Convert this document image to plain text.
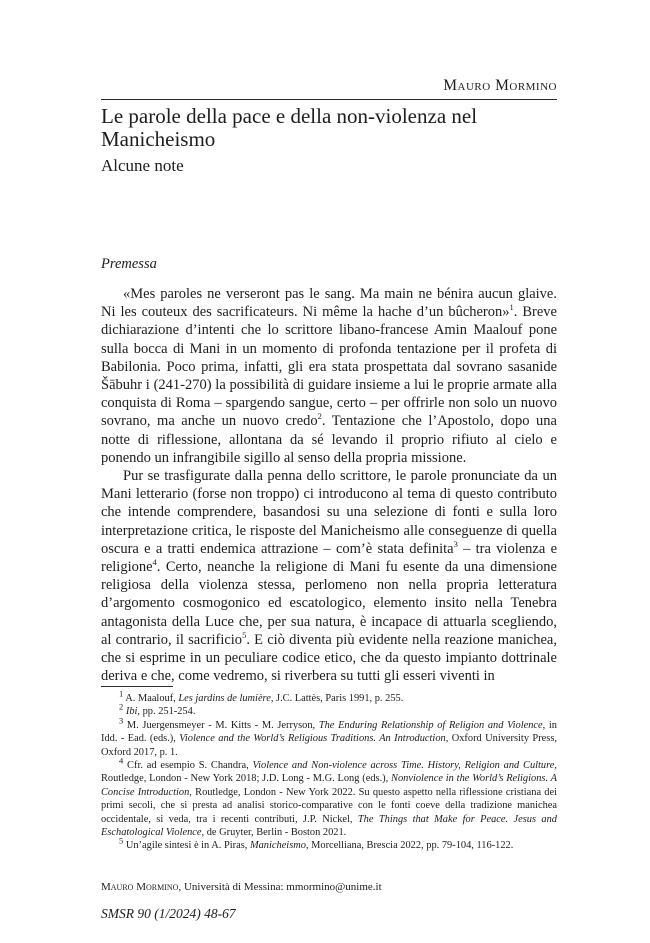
Mauro Mormino
Le parole della pace e della non-violenza nel Manicheismo
Alcune note
Premessa

«Mes paroles ne verseront pas le sang. Ma main ne bénira aucun glaive. Ni les couteux des sacrificateurs. Ni même la hache d’un bûcheron»$^1$. Breve dichiarazione d’intenti che lo scrittore libano-francese Amin Maalouf pone sulla bocca di Mani in un momento di profonda tentazione per il profeta di Babilonia. Poco prima, infatti, gli era stata prospettata dal sovrano sasanide Šābuhr i (241-270) la possibilità di guidare insieme a lui le proprie armate alla conquista di Roma – spargendo sangue, certo – per offrirle non solo un nuovo sovrano, ma anche un nuovo credo$^2$. Tentazione che l’Apostolo, dopo una notte di riflessione, allontana da sé levando il proprio rifiuto al cielo e ponendo un infrangibile sigillo al senso della propria missione.

Pur se trasfigurate dalla penna dello scrittore, le parole pronunciate da un Mani letterario (forse non troppo) ci introducono al tema di questo contributo che intende comprendere, basandosi su una selezione di fonti e sulla loro interpretazione critica, le risposte del Manicheismo alle conseguenze di quella oscura e a tratti endemica attrazione – com’è stata definita$^3$ – tra violenza e religione$^4$. Certo, neanche la religione di Mani fu esente da una dimensione religiosa della violenza stessa, perlomeno non nella propria letteratura d’argomento cosmogonico ed escatologico, elemento insito nella Tenebra antagonista della Luce che, per sua natura, è incapace di attuarla scegliendo, al contrario, il sacrificio$^5$. E ciò diventa più evidente nella reazione manichea, che si esprime in un peculiare codice etico, che da questo impianto dottrinale deriva e che, come vedremo, si riverbera su tutti gli esseri viventi in

$^1$ A. Maalouf, Les jardins de lumière, J.C. Lattès, Paris 1991, p. 255.

$^2$ Ibi, pp. 251-254.

$^3$ M. Juergensmeyer - M. Kitts - M. Jerryson, The Enduring Relationship of Religion and Violence, in Idd. - Ead. (eds.), Violence and the World’s Religious Traditions. An Introduction, Oxford University Press, Oxford 2017, p. 1.

$^4$ Cfr. ad esempio S. Chandra, Violence and Non-violence across Time. History, Religion and Culture, Routledge, London - New York 2018; J.D. Long - M.G. Long (eds.), Nonviolence in the World’s Religions. A Concise Introduction, Routledge, London - New York 2022. Su questo aspetto nella riflessione cristiana dei primi secoli, che si presta ad analisi storico-comparative con le fonti coeve della tradizione manichea occidentale, si veda, tra i recenti contributi, J.P. Nickel, The Things that Make for Peace. Jesus and Eschatological Violence, de Gruyter, Berlin - Boston 2021.

$^5$ Un’agile sintesi è in A. Piras, Manicheismo, Morcelliana, Brescia 2022, pp. 79-104, 116-122.

Mauro Mormino, Università di Messina: mmormino@unime.it
SMSR 90 (1/2024) 48-67
